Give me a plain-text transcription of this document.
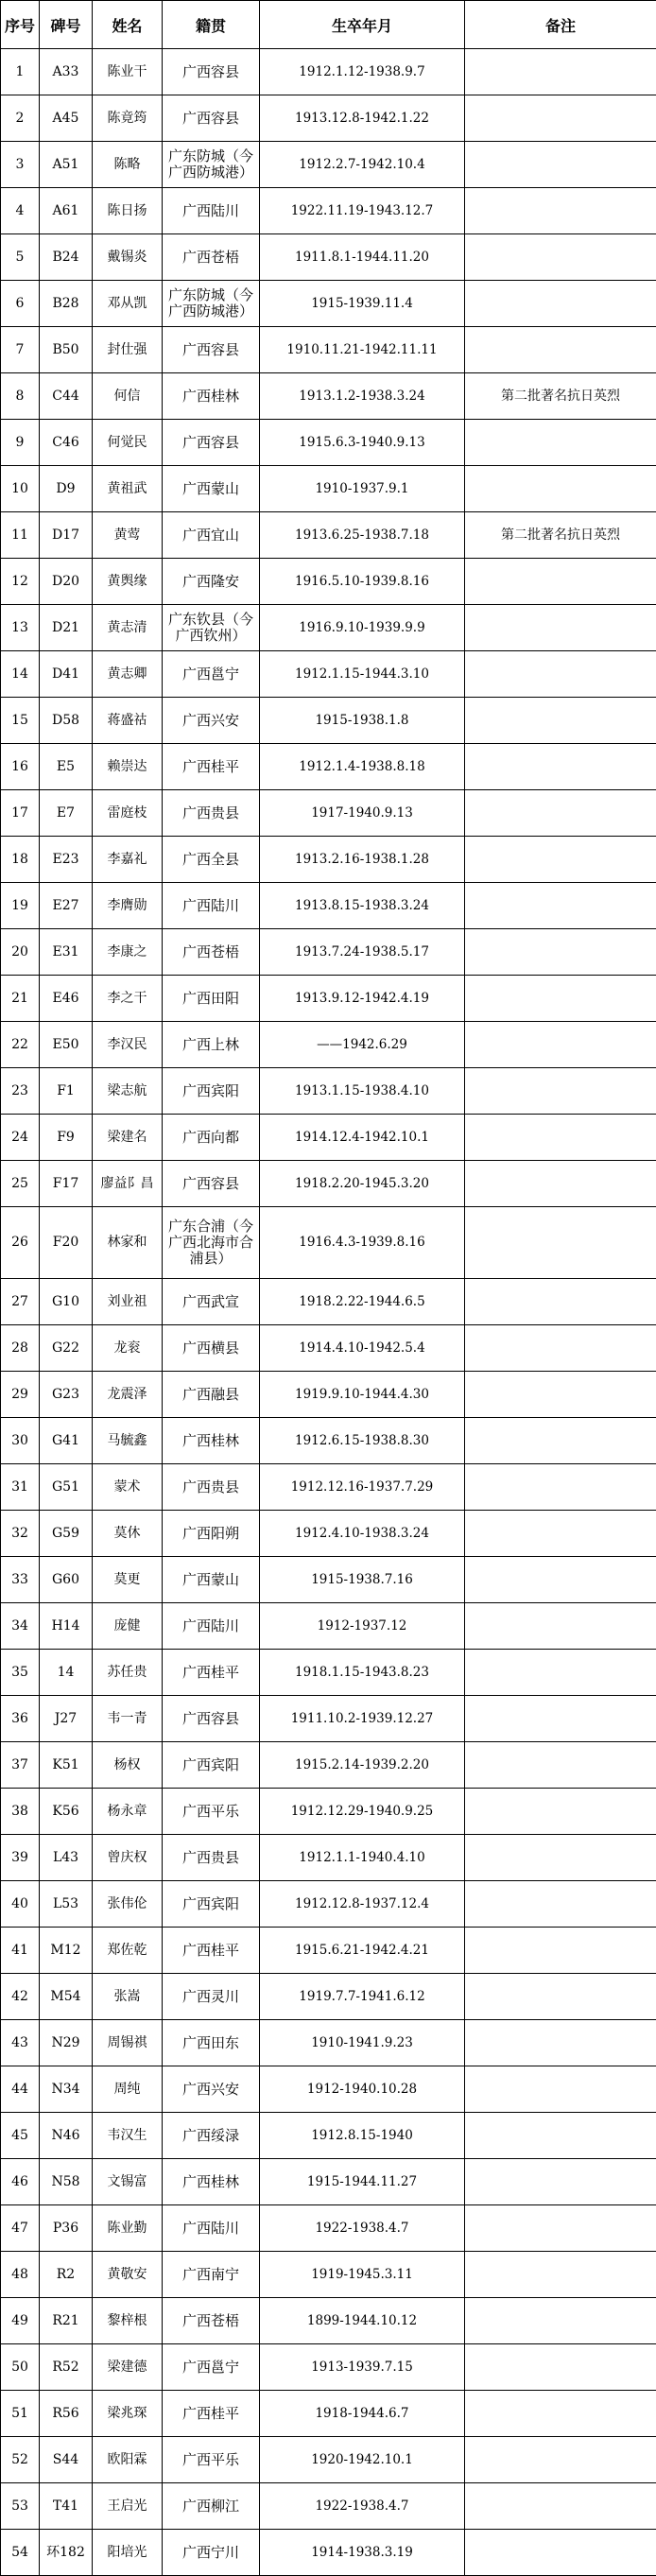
序号	碑号	姓名	籍贯	生卒年月	备注
1	A33	陈业干	广西容县	1912.1.12-1938.9.7	
2	A45	陈竟筠	广西容县	1913.12.8-1942.1.22	
3	A51	陈略	广东防城（今广西防城港）	1912.2.7-1942.10.4	
4	A61	陈日扬	广西陆川	1922.11.19-1943.12.7	
5	B24	戴锡炎	广西苍梧	1911.8.1-1944.11.20	
6	B28	邓从凯	广东防城（今广西防城港）	1915-1939.11.4	
7	B50	封仕强	广西容县	1910.11.21-1942.11.11	
8	C44	何信	广西桂林	1913.1.2-1938.3.24	第二批著名抗日英烈
9	C46	何觉民	广西容县	1915.6.3-1940.9.13	
10	D9	黄祖武	广西蒙山	1910-1937.9.1	
11	D17	黄莺	广西宜山	1913.6.25-1938.7.18	第二批著名抗日英烈
12	D20	黄舆缘	广西隆安	1916.5.10-1939.8.16	
13	D21	黄志清	广东钦县（今广西钦州）	1916.9.10-1939.9.9	
14	D41	黄志卿	广西邕宁	1912.1.15-1944.3.10	
15	D58	蒋盛祜	广西兴安	1915-1938.1.8	
16	E5	赖崇达	广西桂平	1912.1.4-1938.8.18	
17	E7	雷庭枝	广西贵县	1917-1940.9.13	
18	E23	李嘉礼	广西全县	1913.2.16-1938.1.28	
19	E27	李膺勋	广西陆川	1913.8.15-1938.3.24	
20	E31	李康之	广西苍梧	1913.7.24-1938.5.17	
21	E46	李之干	广西田阳	1913.9.12-1942.4.19	
22	E50	李汉民	广西上林	——1942.6.29	
23	F1	梁志航	广西宾阳	1913.1.15-1938.4.10	
24	F9	梁建名	广西向都	1914.12.4-1942.10.1	
25	F17	廖益阝昌	广西容县	1918.2.20-1945.3.20	
26	F20	林家和	广东合浦（今广西北海市合浦县）	1916.4.3-1939.8.16	
27	G10	刘业祖	广西武宣	1918.2.22-1944.6.5	
28	G22	龙衮	广西横县	1914.4.10-1942.5.4	
29	G23	龙震泽	广西融县	1919.9.10-1944.4.30	
30	G41	马毓鑫	广西桂林	1912.6.15-1938.8.30	
31	G51	蒙术	广西贵县	1912.12.16-1937.7.29	
32	G59	莫休	广西阳朔	1912.4.10-1938.3.24	
33	G60	莫更	广西蒙山	1915-1938.7.16	
34	H14	庞健	广西陆川	1912-1937.12	
35	14	苏任贵	广西桂平	1918.1.15-1943.8.23	
36	J27	韦一青	广西容县	1911.10.2-1939.12.27	
37	K51	杨权	广西宾阳	1915.2.14-1939.2.20	
38	K56	杨永章	广西平乐	1912.12.29-1940.9.25	
39	L43	曾庆权	广西贵县	1912.1.1-1940.4.10	
40	L53	张伟伦	广西宾阳	1912.12.8-1937.12.4	
41	M12	郑佐乾	广西桂平	1915.6.21-1942.4.21	
42	M54	张嵩	广西灵川	1919.7.7-1941.6.12	
43	N29	周锡祺	广西田东	1910-1941.9.23	
44	N34	周纯	广西兴安	1912-1940.10.28	
45	N46	韦汉生	广西绥渌	1912.8.15-1940	
46	N58	文锡富	广西桂林	1915-1944.11.27	
47	P36	陈业勤	广西陆川	1922-1938.4.7	
48	R2	黄敬安	广西南宁	1919-1945.3.11	
49	R21	黎梓根	广西苍梧	1899-1944.10.12	
50	R52	梁建德	广西邕宁	1913-1939.7.15	
51	R56	梁兆琛	广西桂平	1918-1944.6.7	
52	S44	欧阳霖	广西平乐	1920-1942.10.1	
53	T41	王启光	广西柳江	1922-1938.4.7	
54	环182	阳培光	广西宁川	1914-1938.3.19	
